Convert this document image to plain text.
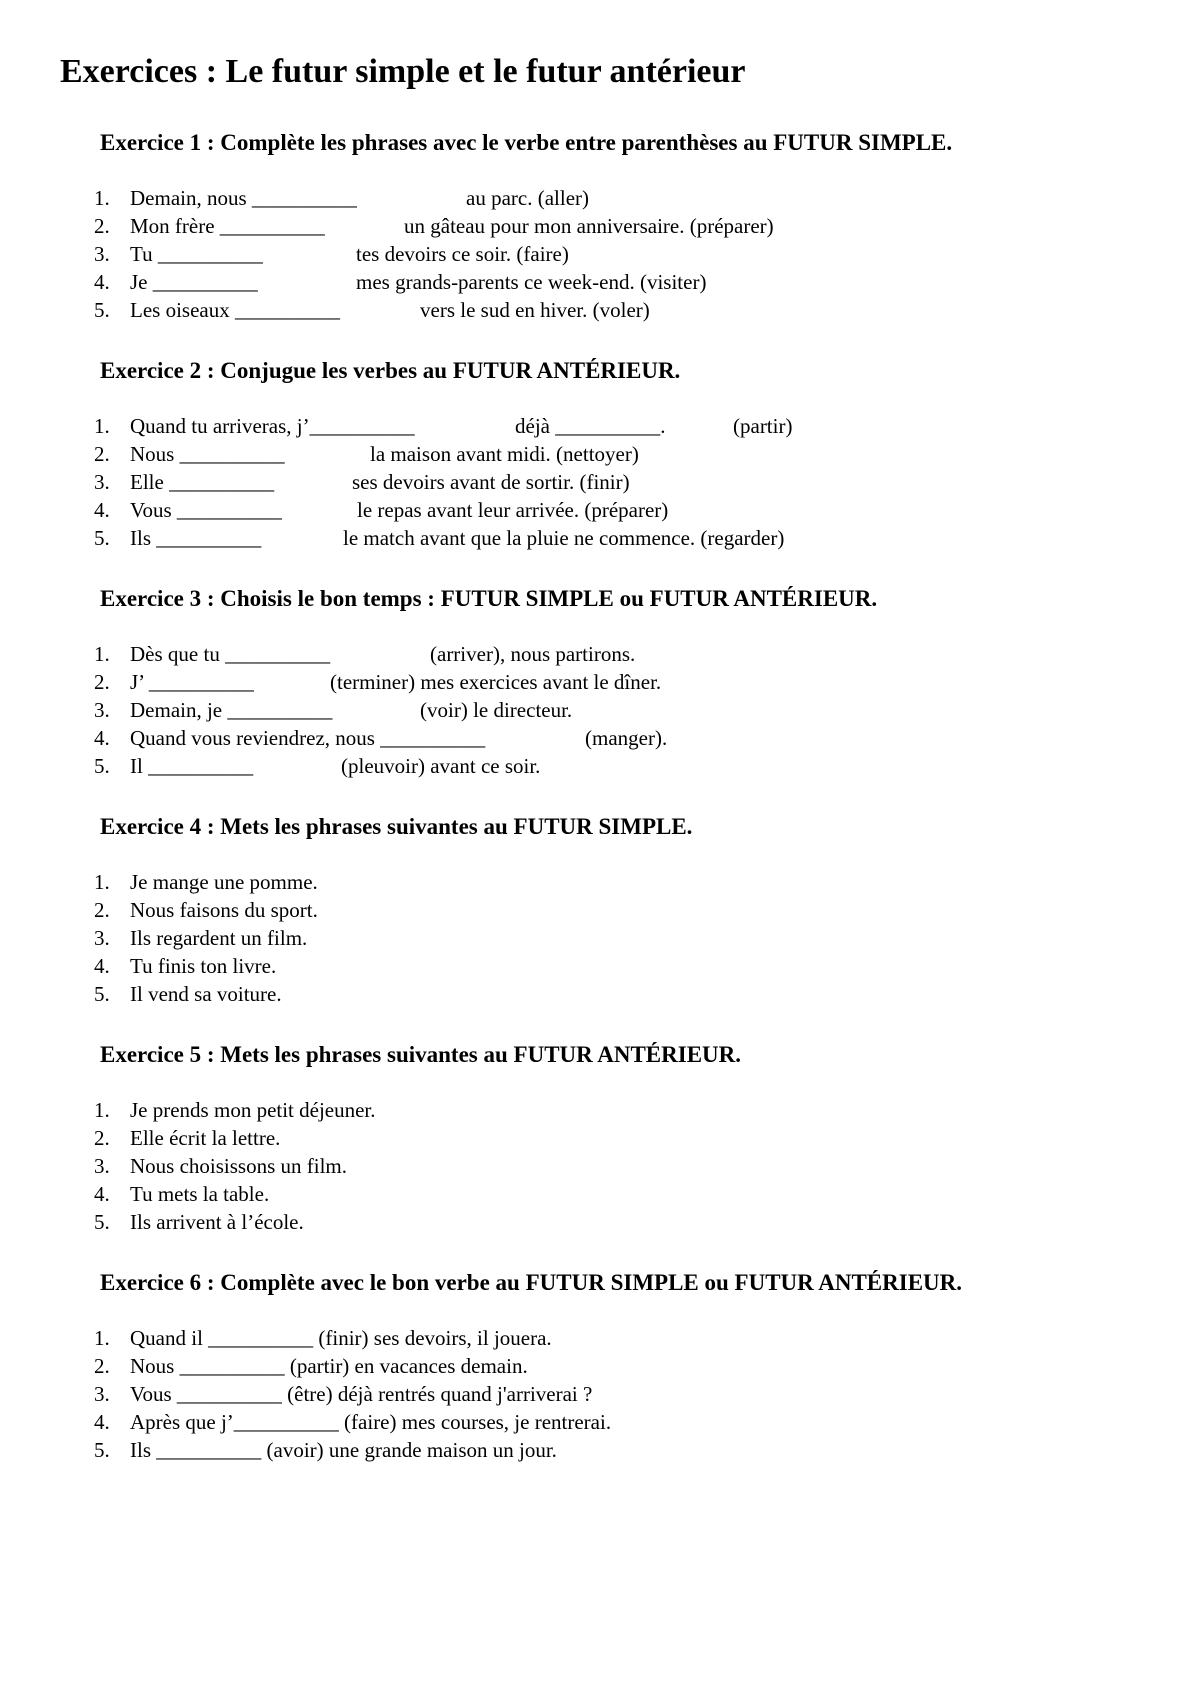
Exercices : Le futur simple et le futur antérieur
Exercice 1 : Complète les phrases avec le verbe entre parenthèses au FUTUR SIMPLE.
1. Demain, nous __________	au parc. (aller)
2. Mon frère __________	un gâteau pour mon anniversaire. (préparer)
3. Tu __________	tes devoirs ce soir. (faire)
4. Je __________	mes grands-parents ce week-end. (visiter)
5. Les oiseaux __________	vers le sud en hiver. (voler)
Exercice 2 : Conjugue les verbes au FUTUR ANTÉRIEUR.
1. Quand tu arriveras, j’__________	déjà __________.	(partir)
2. Nous __________	la maison avant midi. (nettoyer)
3. Elle __________	ses devoirs avant de sortir. (finir)
4. Vous __________	le repas avant leur arrivée. (préparer)
5. Ils __________	le match avant que la pluie ne commence. (regarder)
Exercice 3 : Choisis le bon temps : FUTUR SIMPLE ou FUTUR ANTÉRIEUR.
1. Dès que tu __________	(arriver), nous partirons.
2. J’ __________	(terminer) mes exercices avant le dîner.
3. Demain, je __________	(voir) le directeur.
4. Quand vous reviendrez, nous __________	(manger).
5. Il __________	(pleuvoir) avant ce soir.
Exercice 4 : Mets les phrases suivantes au FUTUR SIMPLE.
1. Je mange une pomme.
2. Nous faisons du sport.
3. Ils regardent un film.
4. Tu finis ton livre.
5. Il vend sa voiture.
Exercice 5 : Mets les phrases suivantes au FUTUR ANTÉRIEUR.
1. Je prends mon petit déjeuner.
2. Elle écrit la lettre.
3. Nous choisissons un film.
4. Tu mets la table.
5. Ils arrivent à l’école.
Exercice 6 : Complète avec le bon verbe au FUTUR SIMPLE ou FUTUR ANTÉRIEUR.
1. Quand il __________ (finir) ses devoirs, il jouera.
2. Nous __________ (partir) en vacances demain.
3. Vous __________ (être) déjà rentrés quand j'arriverai ?
4. Après que j’__________ (faire) mes courses, je rentrerai.
5. Ils __________ (avoir) une grande maison un jour.
